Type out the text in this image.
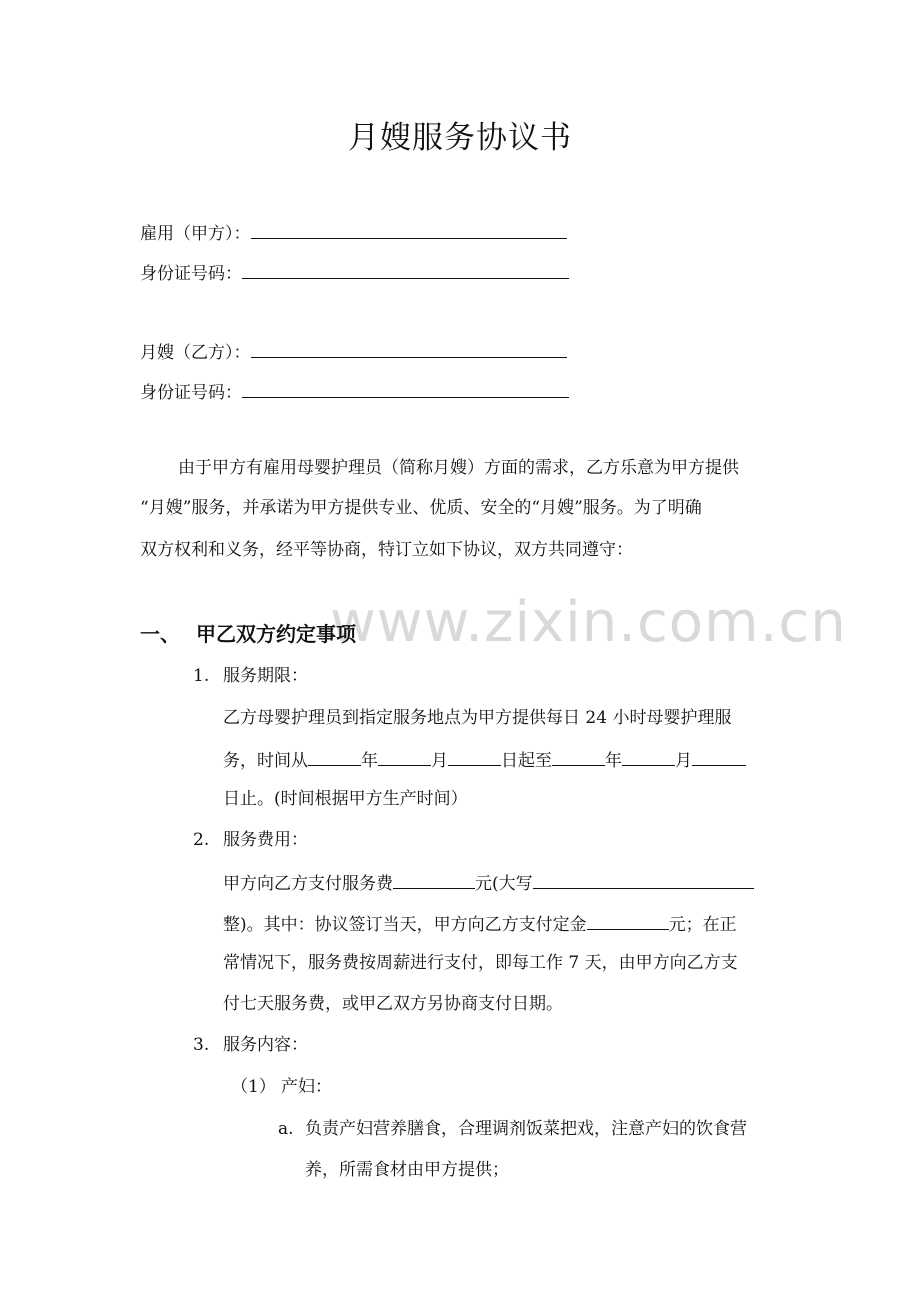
月嫂服务协议书
雇用（甲方）：
身份证号码：
月嫂（乙方）：
身份证号码：
由于甲方有雇用母婴护理员（简称月嫂）方面的需求，乙方乐意为甲方提供
“月嫂”服务，并承诺为甲方提供专业、优质、安全的“月嫂”服务。为了明确
双方权利和义务，经平等协商，特订立如下协议，双方共同遵守：
www.zixin.com.cn
一、 甲乙双方约定事项
1. 服务期限：
乙方母婴护理员到指定服务地点为甲方提供每日 24 小时母婴护理服
务，时间从	年	月	日起至	年	月
日止。(时间根据甲方生产时间）
2. 服务费用：
甲方向乙方支付服务费	元(大写
整)。其中：协议签订当天，甲方向乙方支付定金	元；在正
常情况下，服务费按周薪进行支付，即每工作 7 天，由甲方向乙方支
付七天服务费，或甲乙双方另协商支付日期。
3. 服务内容：
（1） 产妇：
a. 负责产妇营养膳食，合理调剂饭菜把戏，注意产妇的饮食营
养，所需食材由甲方提供；
